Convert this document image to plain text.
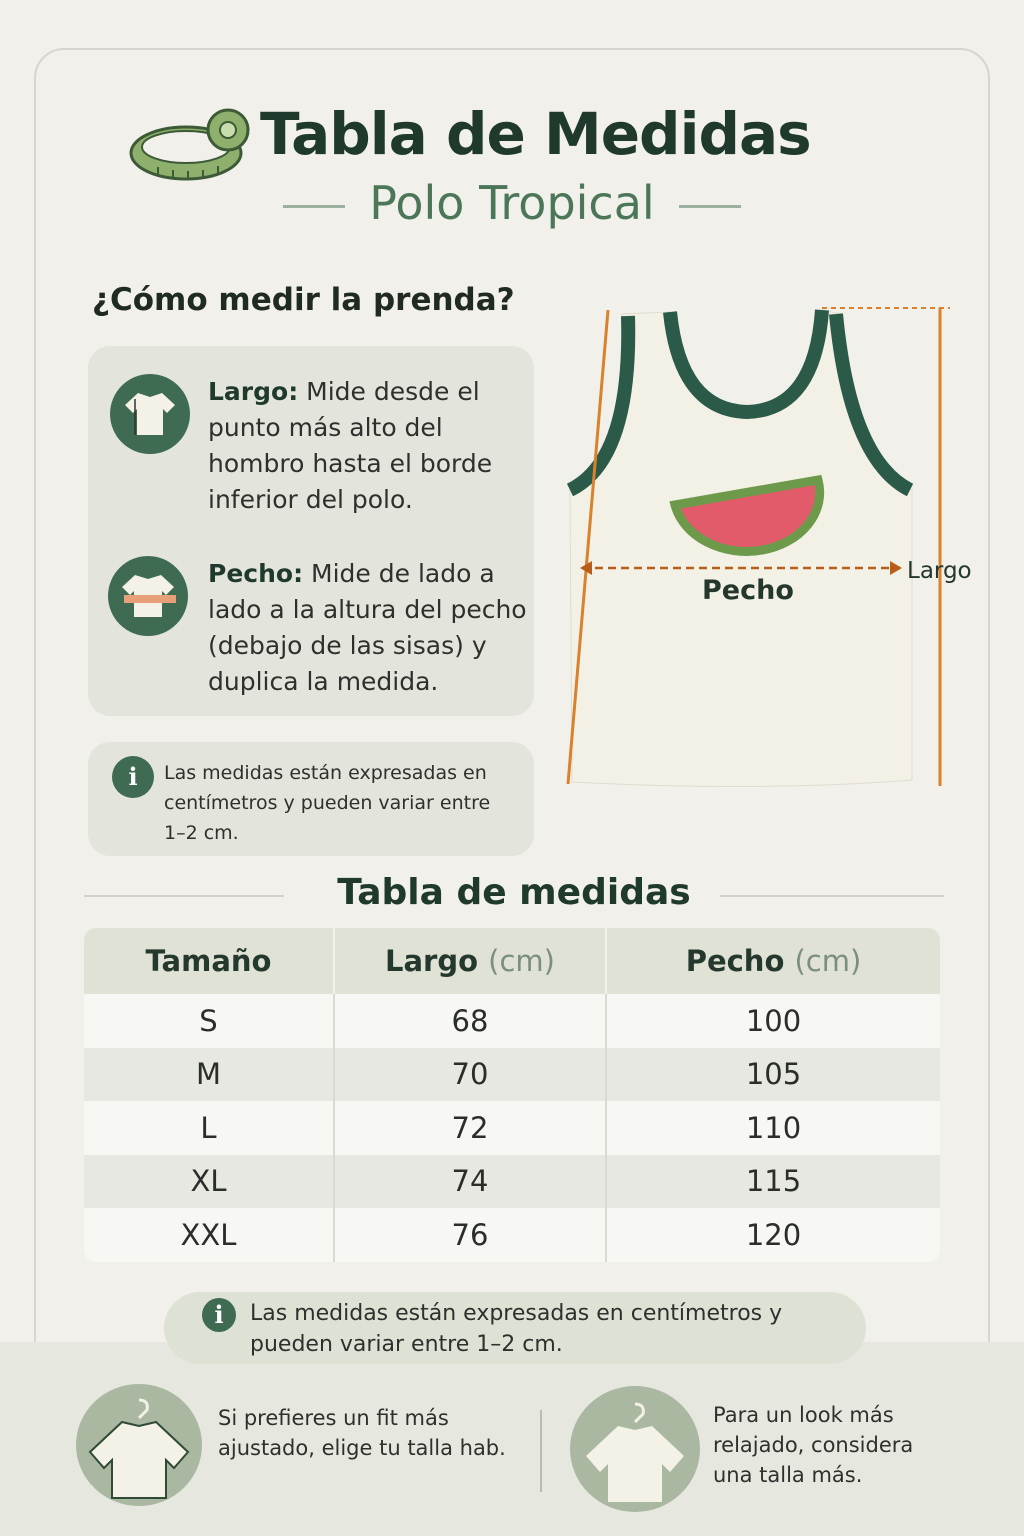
Tabla de Medidas
Polo Tropical
¿Cómo medir la prenda?
Largo: Mide desde el punto más alto del hombro hasta el borde inferior del polo.
Pecho: Mide de lado a lado a la altura del pecho (debajo de las sisas) y duplica la medida.
i	Las medidas están expresadas en centímetros y pueden variar entre 1–2 cm.
Pecho
Largo
Tabla de medidas
Tamaño	Largo (cm)	Pecho (cm)
S	68	100
M	70	105
L	72	110
XL	74	115
XXL	76	120
i	Las medidas están expresadas en centímetros y pueden variar entre 1–2 cm.
Si prefieres un fit más ajustado, elige tu talla hab.
Para un look más relajado, considera una talla más.
